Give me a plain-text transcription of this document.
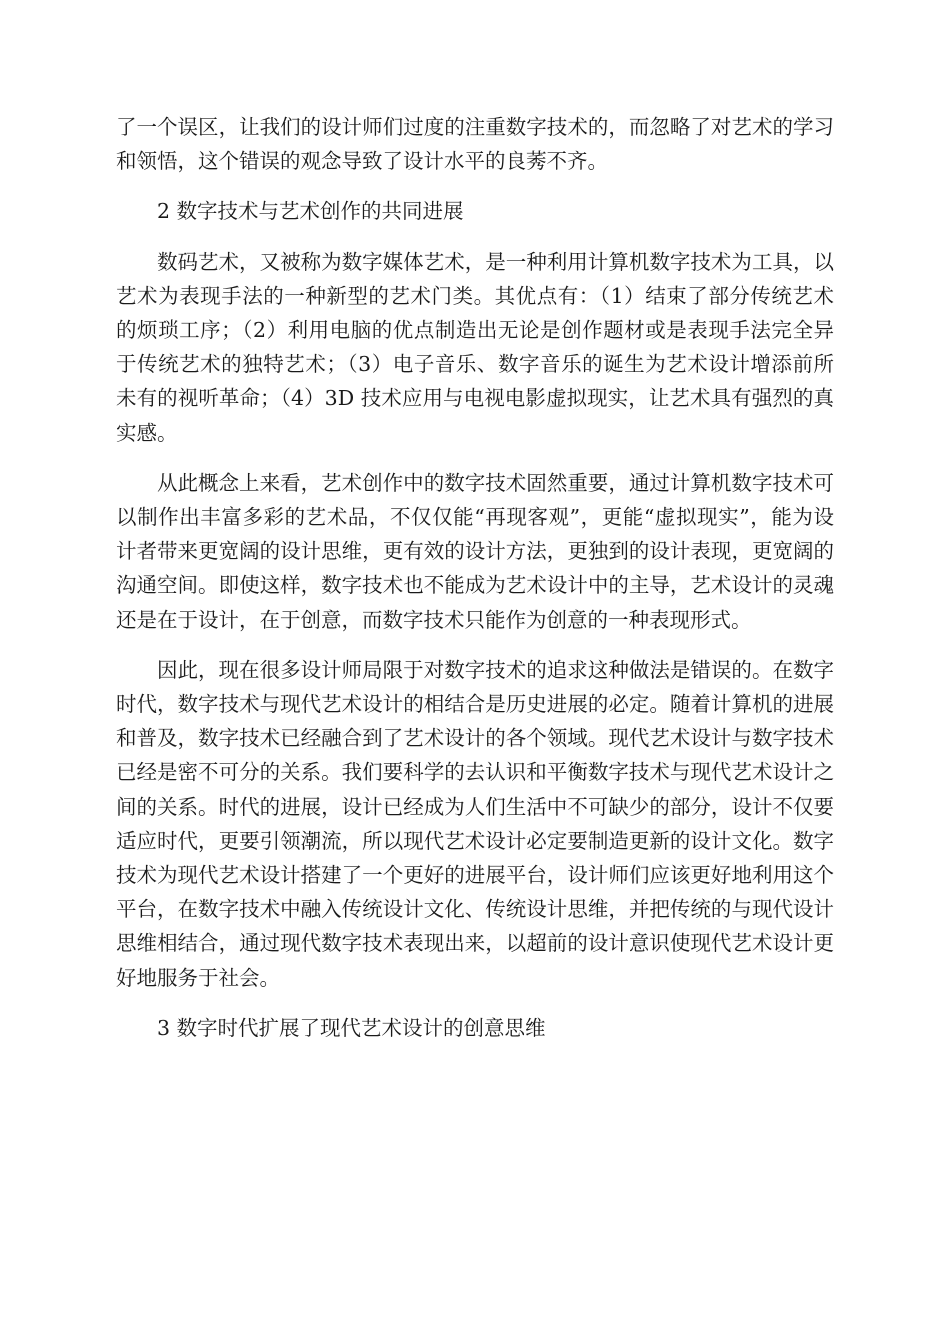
了一个误区，让我们的设计师们过度的注重数字技术的，而忽略了对艺术的学习和领悟，这个错误的观念导致了设计水平的良莠不齐。

2 数字技术与艺术创作的共同进展

数码艺术，又被称为数字媒体艺术，是一种利用计算机数字技术为工具，以艺术为表现手法的一种新型的艺术门类。其优点有：（1）结束了部分传统艺术的烦琐工序；（2）利用电脑的优点制造出无论是创作题材或是表现手法完全异于传统艺术的独特艺术；（3）电子音乐、数字音乐的诞生为艺术设计增添前所未有的视听革命；（4）3D 技术应用与电视电影虚拟现实，让艺术具有强烈的真实感。

从此概念上来看，艺术创作中的数字技术固然重要，通过计算机数字技术可以制作出丰富多彩的艺术品，不仅仅能“再现客观”，更能“虚拟现实”，能为设计者带来更宽阔的设计思维，更有效的设计方法，更独到的设计表现，更宽阔的沟通空间。即使这样，数字技术也不能成为艺术设计中的主导，艺术设计的灵魂还是在于设计，在于创意，而数字技术只能作为创意的一种表现形式。

因此，现在很多设计师局限于对数字技术的追求这种做法是错误的。在数字时代，数字技术与现代艺术设计的相结合是历史进展的必定。随着计算机的进展和普及，数字技术已经融合到了艺术设计的各个领域。现代艺术设计与数字技术已经是密不可分的关系。我们要科学的去认识和平衡数字技术与现代艺术设计之间的关系。时代的进展，设计已经成为人们生活中不可缺少的部分，设计不仅要适应时代，更要引领潮流，所以现代艺术设计必定要制造更新的设计文化。数字技术为现代艺术设计搭建了一个更好的进展平台，设计师们应该更好地利用这个平台，在数字技术中融入传统设计文化、传统设计思维，并把传统的与现代设计思维相结合，通过现代数字技术表现出来，以超前的设计意识使现代艺术设计更好地服务于社会。

3 数字时代扩展了现代艺术设计的创意思维
